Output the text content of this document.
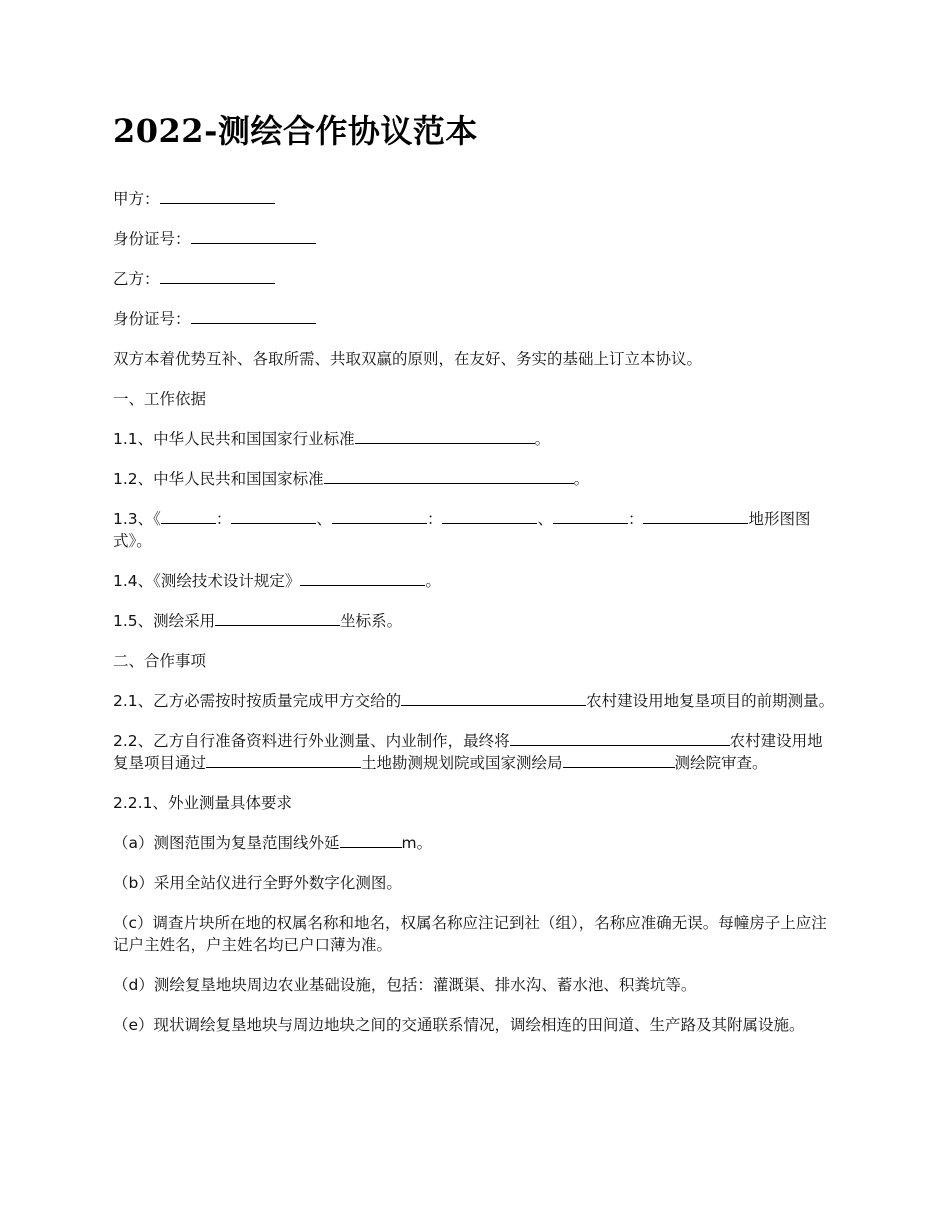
2022-测绘合作协议范本

甲方：

身份证号：

乙方：

身份证号：

双方本着优势互补、各取所需、共取双赢的原则，在友好、务实的基础上订立本协议。

一、工作依据

1.1、中华人民共和国国家行业标准	。

1.2、中华人民共和国国家标准	。

1.3、《	：	、	：	、	：	地形图图式》。

1.4、《测绘技术设计规定》	。

1.5、测绘采用	坐标系。

二、合作事项

2.1、乙方必需按时按质量完成甲方交给的	农村建设用地复垦项目的前期测量。

2.2、乙方自行准备资料进行外业测量、内业制作，最终将	农村建设用地复垦项目通过	土地勘测规划院或国家测绘局	测绘院审查。

2.2.1、外业测量具体要求

（a）测图范围为复垦范围线外延	m。

（b）采用全站仪进行全野外数字化测图。

（c）调查片块所在地的权属名称和地名，权属名称应注记到社（组），名称应准确无误。每幢房子上应注记户主姓名，户主姓名均已户口薄为准。

（d）测绘复垦地块周边农业基础设施，包括：灌溉渠、排水沟、蓄水池、积粪坑等。

（e）现状调绘复垦地块与周边地块之间的交通联系情况，调绘相连的田间道、生产路及其附属设施。
